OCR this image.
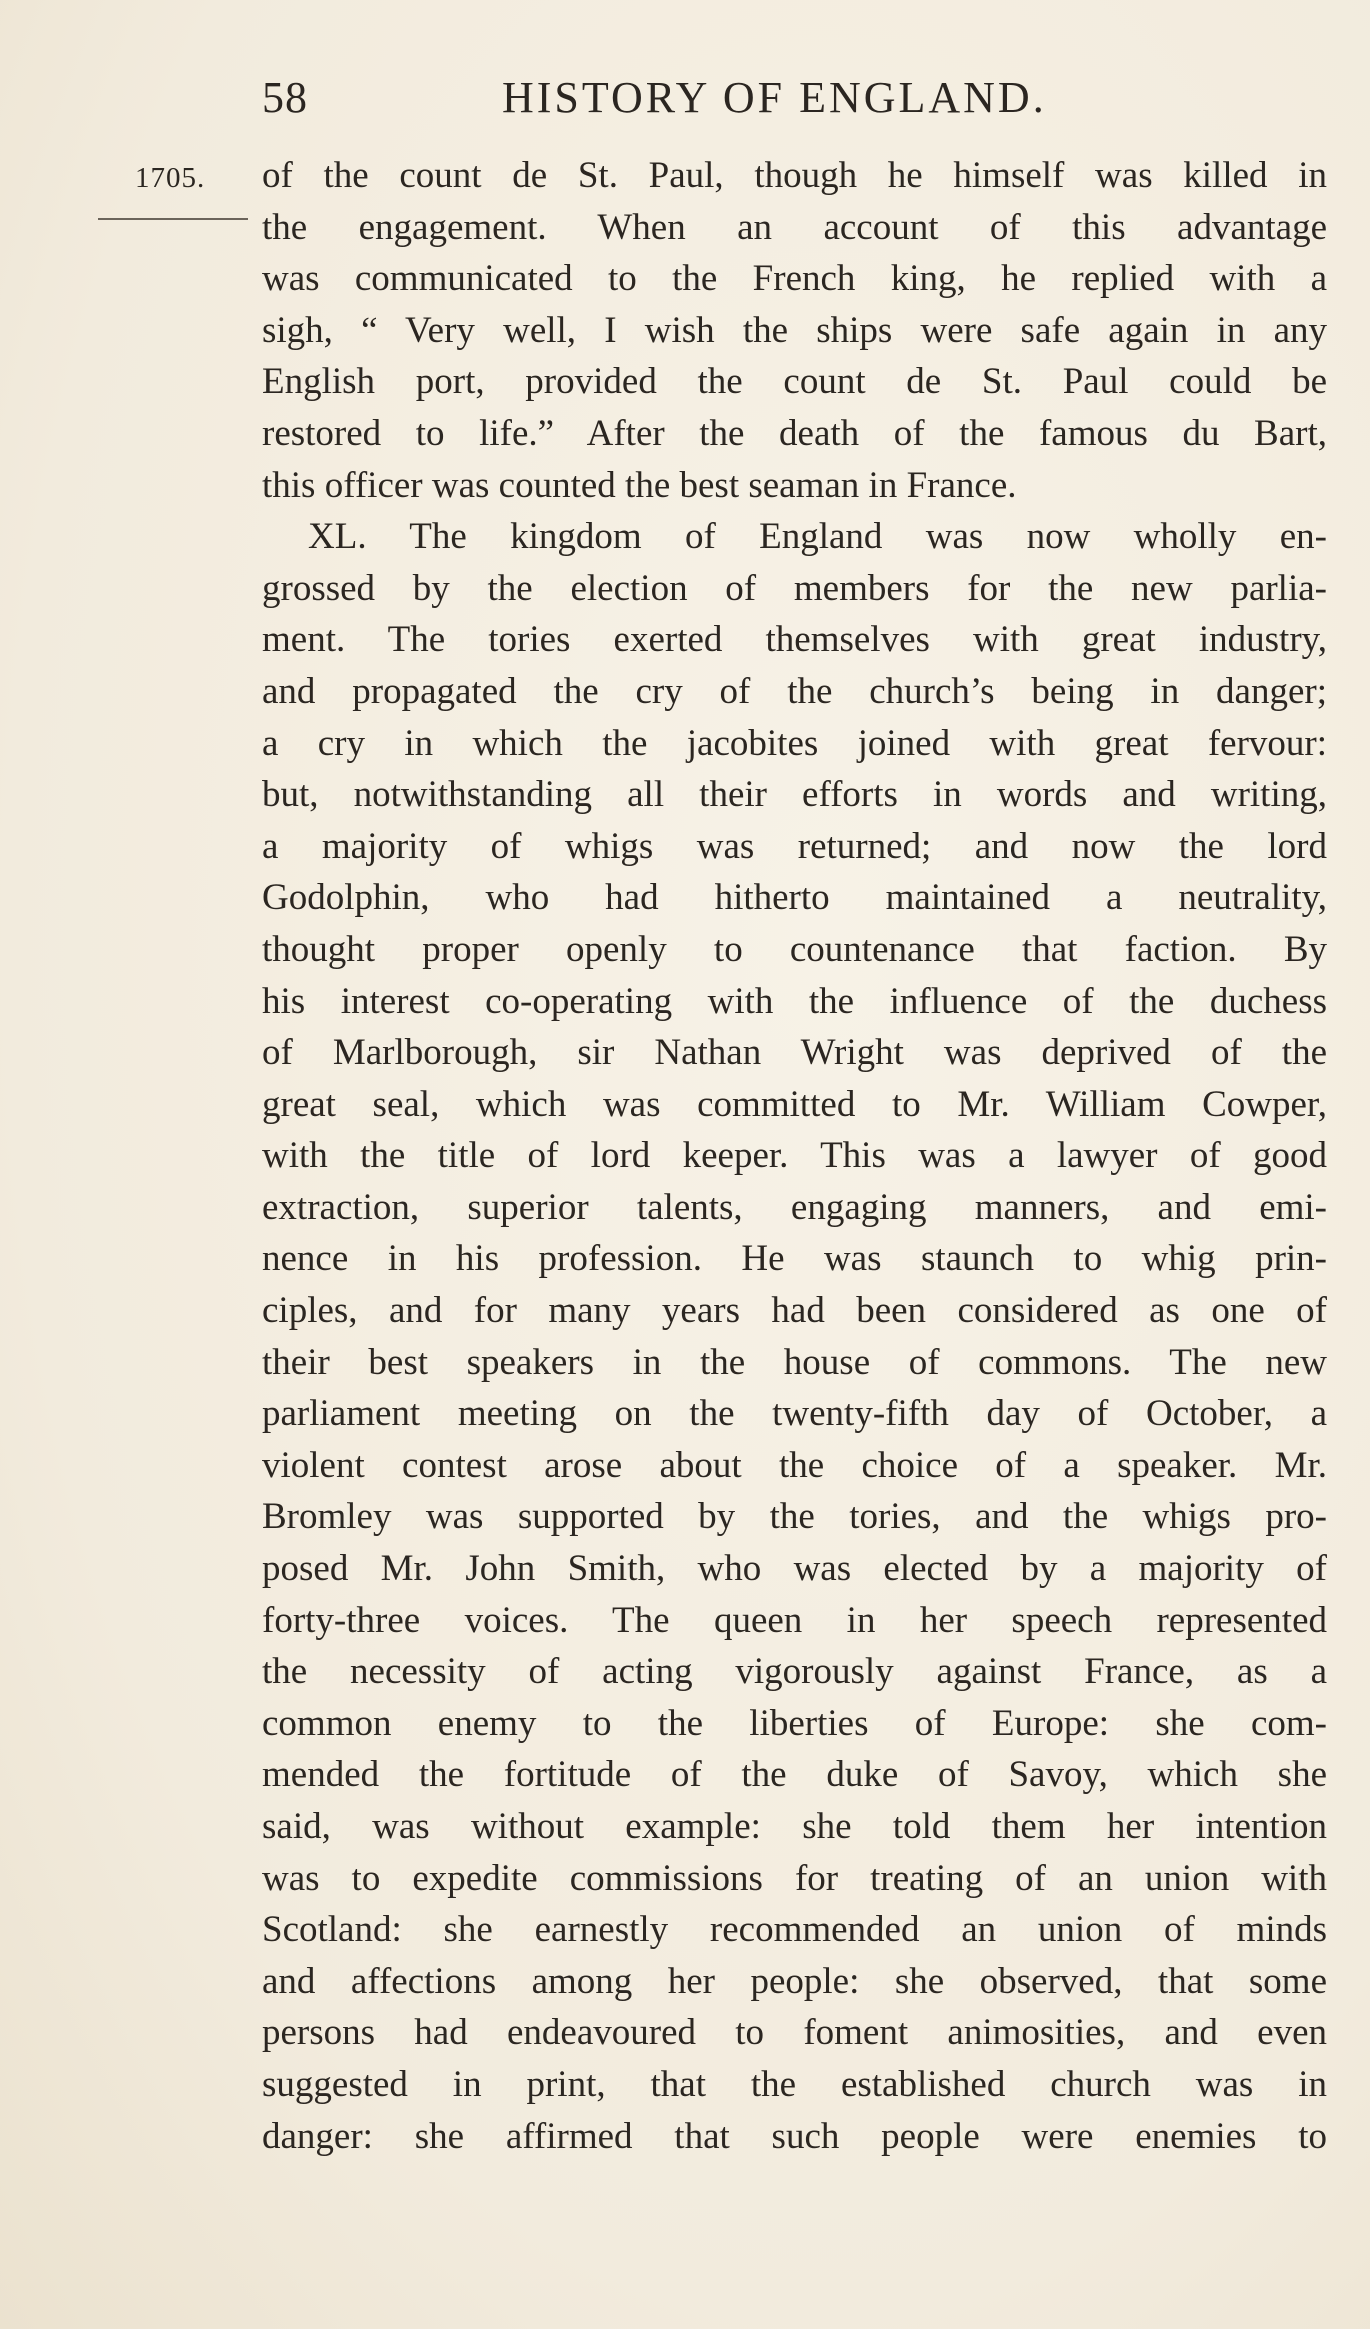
58	HISTORY OF ENGLAND.
1705. of the count de St. Paul, though he himself was killed in
the engagement. When an account of this advantage
was communicated to the French king, he replied with a
sigh, “ Very well, I wish the ships were safe again in any
English port, provided the count de St. Paul could be
restored to life.” After the death of the famous du Bart,
this officer was counted the best seaman in France.
XL. The kingdom of England was now wholly en-
grossed by the election of members for the new parlia-
ment. The tories exerted themselves with great industry,
and propagated the cry of the church’s being in danger;
a cry in which the jacobites joined with great fervour:
but, notwithstanding all their efforts in words and writing,
a majority of whigs was returned; and now the lord
Godolphin, who had hitherto maintained a neutrality,
thought proper openly to countenance that faction. By
his interest co-operating with the influence of the duchess
of Marlborough, sir Nathan Wright was deprived of the
great seal, which was committed to Mr. William Cowper,
with the title of lord keeper. This was a lawyer of good
extraction, superior talents, engaging manners, and emi-
nence in his profession. He was staunch to whig prin-
ciples, and for many years had been considered as one of
their best speakers in the house of commons. The new
parliament meeting on the twenty-fifth day of October, a
violent contest arose about the choice of a speaker. Mr.
Bromley was supported by the tories, and the whigs pro-
posed Mr. John Smith, who was elected by a majority of
forty-three voices. The queen in her speech represented
the necessity of acting vigorously against France, as a
common enemy to the liberties of Europe: she com-
mended the fortitude of the duke of Savoy, which she
said, was without example: she told them her intention
was to expedite commissions for treating of an union with
Scotland: she earnestly recommended an union of minds
and affections among her people: she observed, that some
persons had endeavoured to foment animosities, and even
suggested in print, that the established church was in
danger: she affirmed that such people were enemies to
